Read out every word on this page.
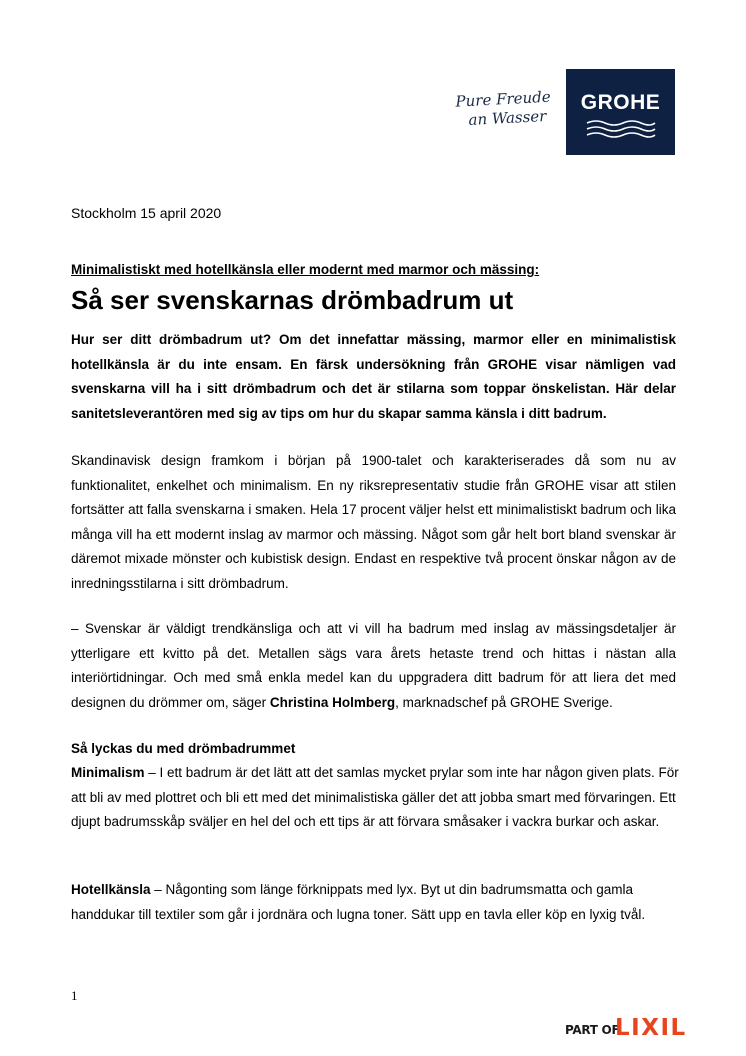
Pure Freude
an Wasser
GROHE
Stockholm 15 april 2020
Minimalistiskt med hotellkänsla eller modernt med marmor och mässing:
Så ser svenskarnas drömbadrum ut
Hur ser ditt drömbadrum ut? Om det innefattar mässing, marmor eller en minimalistisk hotellkänsla är du inte ensam. En färsk undersökning från GROHE visar nämligen vad svenskarna vill ha i sitt drömbadrum och det är stilarna som toppar önskelistan. Här delar sanitetsleverantören med sig av tips om hur du skapar samma känsla i ditt badrum.
Skandinavisk design framkom i början på 1900-talet och karakteriserades då som nu av funktionalitet, enkelhet och minimalism. En ny riksrepresentativ studie från GROHE visar att stilen fortsätter att falla svenskarna i smaken. Hela 17 procent väljer helst ett minimalistiskt badrum och lika många vill ha ett modernt inslag av marmor och mässing. Något som går helt bort bland svenskar är däremot mixade mönster och kubistisk design. Endast en respektive två procent önskar någon av de inredningsstilarna i sitt drömbadrum.
– Svenskar är väldigt trendkänsliga och att vi vill ha badrum med inslag av mässingsdetaljer är ytterligare ett kvitto på det. Metallen sägs vara årets hetaste trend och hittas i nästan alla interiörtidningar. Och med små enkla medel kan du uppgradera ditt badrum för att liera det med designen du drömmer om, säger Christina Holmberg, marknadschef på GROHE Sverige.
Så lyckas du med drömbadrummet
Minimalism – I ett badrum är det lätt att det samlas mycket prylar som inte har någon given plats. För att bli av med plottret och bli ett med det minimalistiska gäller det att jobba smart med förvaringen. Ett djupt badrumsskåp sväljer en hel del och ett tips är att förvara småsaker i vackra burkar och askar.
Hotellkänsla – Någonting som länge förknippats med lyx. Byt ut din badrumsmatta och gamla handdukar till textiler som går i jordnära och lugna toner. Sätt upp en tavla eller köp en lyxig tvål.
1
PART OF
LIXIL
